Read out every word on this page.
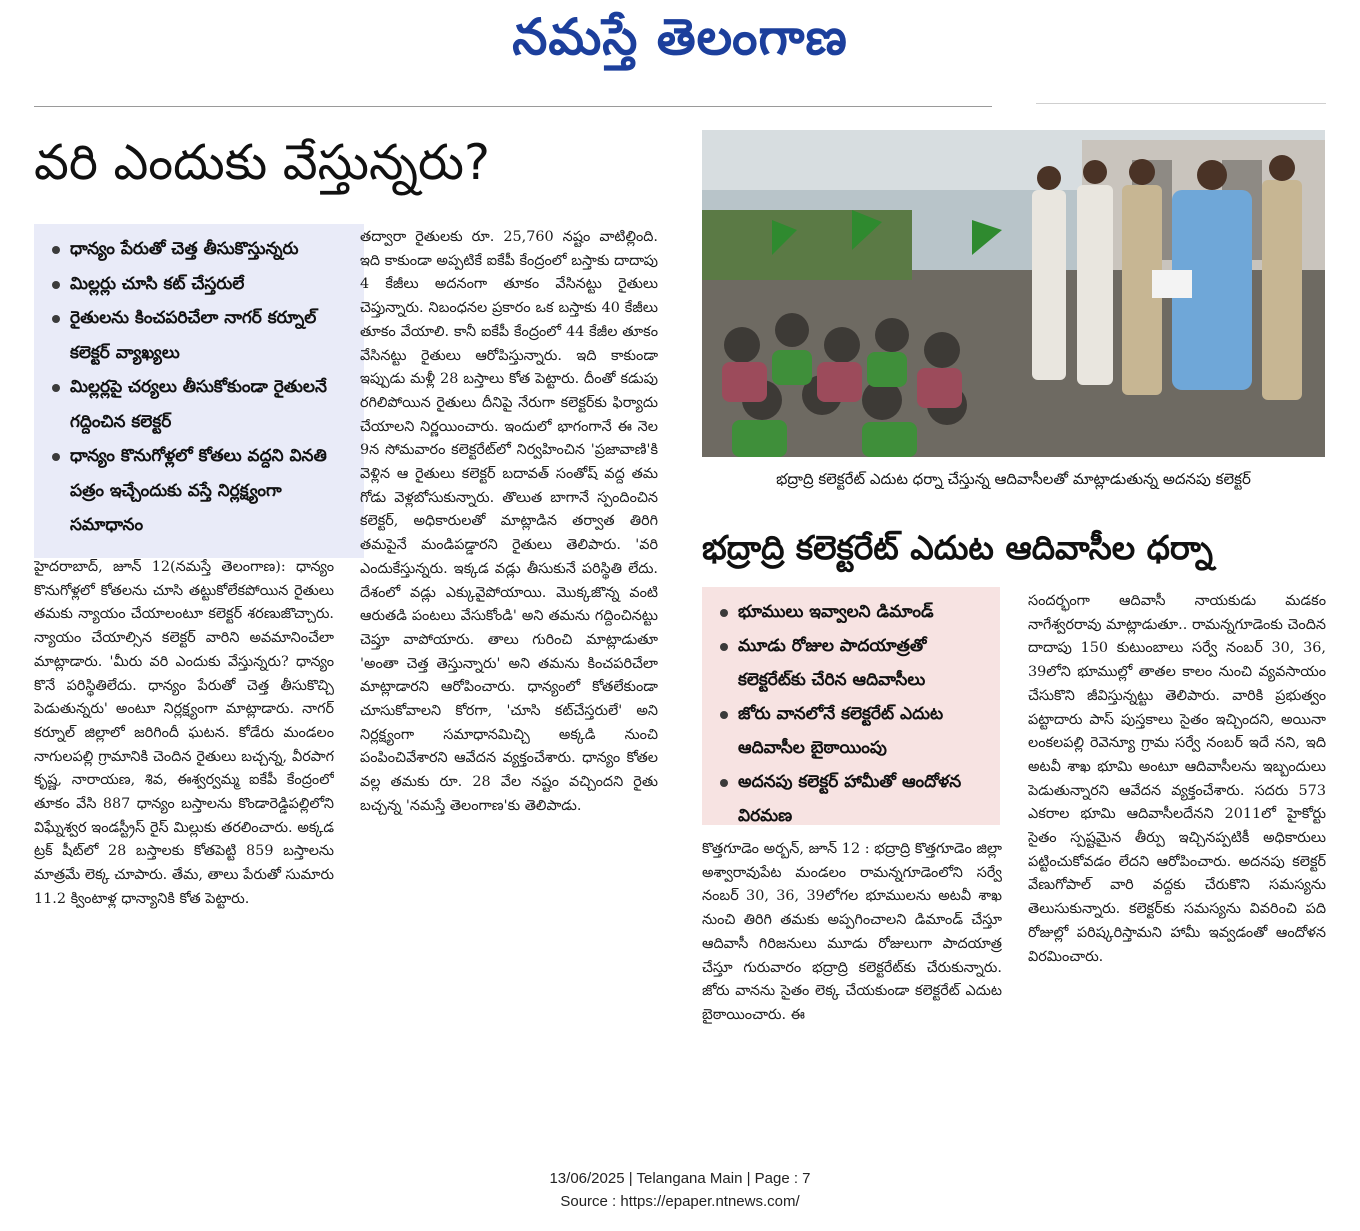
నమస్తే తెలంగాణ
వరి ఎందుకు వేస్తున్నరు?
ధాన్యం పేరుతో చెత్త తీసుకొస్తున్నరు
మిల్లర్లు చూసి కట్ చేస్తరులే
రైతులను కించపరిచేలా నాగర్ కర్నూల్ కలెక్టర్ వ్యాఖ్యలు
మిల్లర్లపై చర్యలు తీసుకోకుండా రైతులనే గద్దించిన కలెక్టర్
ధాన్యం కొనుగోళ్లలో కోతలు వద్దని వినతి పత్రం ఇచ్చేందుకు వస్తే నిర్లక్ష్యంగా సమాధానం

హైదరాబాద్, జూన్ 12(నమస్తే తెలంగాణ): ధాన్యం కొనుగోళ్లలో కోతలను చూసి తట్టుకోలేకపోయిన రైతులు తమకు న్యాయం చేయాలంటూ కలెక్టర్ శరణుజొచ్చారు. న్యాయం చేయాల్సిన కలెక్టర్ వారిని అవమానించేలా మాట్లాడారు. 'మీరు వరి ఎందుకు వేస్తున్నరు? ధాన్యం కొనే పరిస్థితిలేదు. ధాన్యం పేరుతో చెత్త తీసుకొచ్చి పెడుతున్నరు' అంటూ నిర్లక్ష్యంగా మాట్లాడారు. నాగర్ కర్నూల్ జిల్లాలో జరిగిందీ ఘటన. కోడేరు మండలం నాగులపల్లి గ్రామానికి చెందిన రైతులు బచ్చన్న, వీరపాగ కృష్ణ, నారాయణ, శివ, ఈశ్వర్వమ్మ ఐకేపీ కేంద్రంలో తూకం వేసి 887 ధాన్యం బస్తాలను కొండారెడ్డిపల్లిలోని విఘ్నేశ్వర ఇండస్ట్రీస్ రైస్ మిల్లుకు తరలించారు. అక్కడ ట్రక్ షీట్‌లో 28 బస్తాలకు కోతపెట్టి 859 బస్తాలను మాత్రమే లెక్క చూపారు. తేమ, తాలు పేరుతో సుమారు 11.2 క్వింటాళ్ల ధాన్యానికి కోత పెట్టారు.

తద్వారా రైతులకు రూ. 25,760 నష్టం వాటిల్లింది. ఇది కాకుండా అప్పటికే ఐకేపీ కేంద్రంలో బస్తాకు దాదాపు 4 కేజీలు అదనంగా తూకం వేసినట్టు రైతులు చెప్తున్నారు. నిబంధనల ప్రకారం ఒక బస్తాకు 40 కేజీలు తూకం వేయాలి. కానీ ఐకేపీ కేంద్రంలో 44 కేజీల తూకం వేసినట్టు రైతులు ఆరోపిస్తున్నారు. ఇది కాకుండా ఇప్పుడు మళ్లీ 28 బస్తాలు కోత పెట్టారు. దీంతో కడుపు రగిలిపోయిన రైతులు దీనిపై నేరుగా కలెక్టర్‌కు ఫిర్యాదు చేయాలని నిర్ణయించారు. ఇందులో భాగంగానే ఈ నెల 9న సోమవారం కలెక్టరేట్‌లో నిర్వహించిన 'ప్రజావాణి'కి వెళ్లిన ఆ రైతులు కలెక్టర్ బదావత్ సంతోష్ వద్ద తమ గోడు వెళ్లబోసుకున్నారు. తొలుత బాగానే స్పందించిన కలెక్టర్, అధికారులతో మాట్లాడిన తర్వాత తిరిగి తమపైనే మండిపడ్డారని రైతులు తెలిపారు. 'వరి ఎందుకేస్తున్నరు. ఇక్కడ వడ్లు తీసుకునే పరిస్థితి లేదు. దేశంలో వడ్లు ఎక్కువైపోయాయి. మొక్కజొన్న వంటి ఆరుతడి పంటలు వేసుకోండి' అని తమను గద్దించినట్టు చెప్తూ వాపోయారు. తాలు గురించి మాట్లాడుతూ 'అంతా చెత్త తెస్తున్నారు' అని తమను కించపరిచేలా మాట్లాడారని ఆరోపించారు. ధాన్యంలో కోతలేకుండా చూసుకోవాలని కోరగా, 'చూసి కట్‌చేస్తరులే' అని నిర్లక్ష్యంగా సమాధానమిచ్చి అక్కడి నుంచి పంపించివేశారని ఆవేదన వ్యక్తంచేశారు. ధాన్యం కోతల వల్ల తమకు రూ. 28 వేల నష్టం వచ్చిందని రైతు బచ్చన్న 'నమస్తే తెలంగాణ'కు తెలిపాడు.

భద్రాద్రి కలెక్టరేట్ ఎదుట ధర్నా చేస్తున్న ఆదివాసీలతో మాట్లాడుతున్న అదనపు కలెక్టర్
భద్రాద్రి కలెక్టరేట్ ఎదుట ఆదివాసీల ధర్నా
భూములు ఇవ్వాలని డిమాండ్
మూడు రోజుల పాదయాత్రతో కలెక్టరేట్‌కు చేరిన ఆదివాసీలు
జోరు వానలోనే కలెక్టరేట్ ఎదుట ఆదివాసీల బైఠాయింపు
అదనపు కలెక్టర్ హామీతో ఆందోళన విరమణ

కొత్తగూడెం అర్బన్, జూన్ 12 : భద్రాద్రి కొత్తగూడెం జిల్లా అశ్వారావుపేట మండలం రామన్నగూడెంలోని సర్వే నంబర్ 30, 36, 39లోగల భూములను అటవీ శాఖ నుంచి తిరిగి తమకు అప్పగించాలని డిమాండ్ చేస్తూ ఆదివాసీ గిరిజనులు మూడు రోజులుగా పాదయాత్ర చేస్తూ గురువారం భద్రాద్రి కలెక్టరేట్‌కు చేరుకున్నారు. జోరు వానను సైతం లెక్క చేయకుండా కలెక్టరేట్ ఎదుట బైఠాయించారు. ఈ

సందర్భంగా ఆదివాసీ నాయకుడు మడకం నాగేశ్వరరావు మాట్లాడుతూ.. రామన్నగూడెంకు చెందిన దాదాపు 150 కుటుంబాలు సర్వే నంబర్ 30, 36, 39లోని భూముల్లో తాతల కాలం నుంచి వ్యవసాయం చేసుకొని జీవిస్తున్నట్టు తెలిపారు. వారికి ప్రభుత్వం పట్టాదారు పాస్ పుస్తకాలు సైతం ఇచ్చిందని, అయినా లంకలపల్లి రెవెన్యూ గ్రామ సర్వే నంబర్ ఇదే నని, ఇది అటవీ శాఖ భూమి అంటూ ఆదివాసీలను ఇబ్బందులు పెడుతున్నారని ఆవేదన వ్యక్తంచేశారు. సదరు 573 ఎకరాల భూమి ఆదివాసీలదేనని 2011లో హైకోర్టు సైతం స్పష్టమైన తీర్పు ఇచ్చినప్పటికీ అధికారులు పట్టించుకోవడం లేదని ఆరోపించారు. అదనపు కలెక్టర్ వేణుగోపాల్ వారి వద్దకు చేరుకొని సమస్యను తెలుసుకున్నారు. కలెక్టర్‌కు సమస్యను వివరించి పది రోజుల్లో పరిష్కరిస్తామని హామీ ఇవ్వడంతో ఆందోళన విరమించారు.

13/06/2025 | Telangana Main | Page : 7
Source : https://epaper.ntnews.com/
